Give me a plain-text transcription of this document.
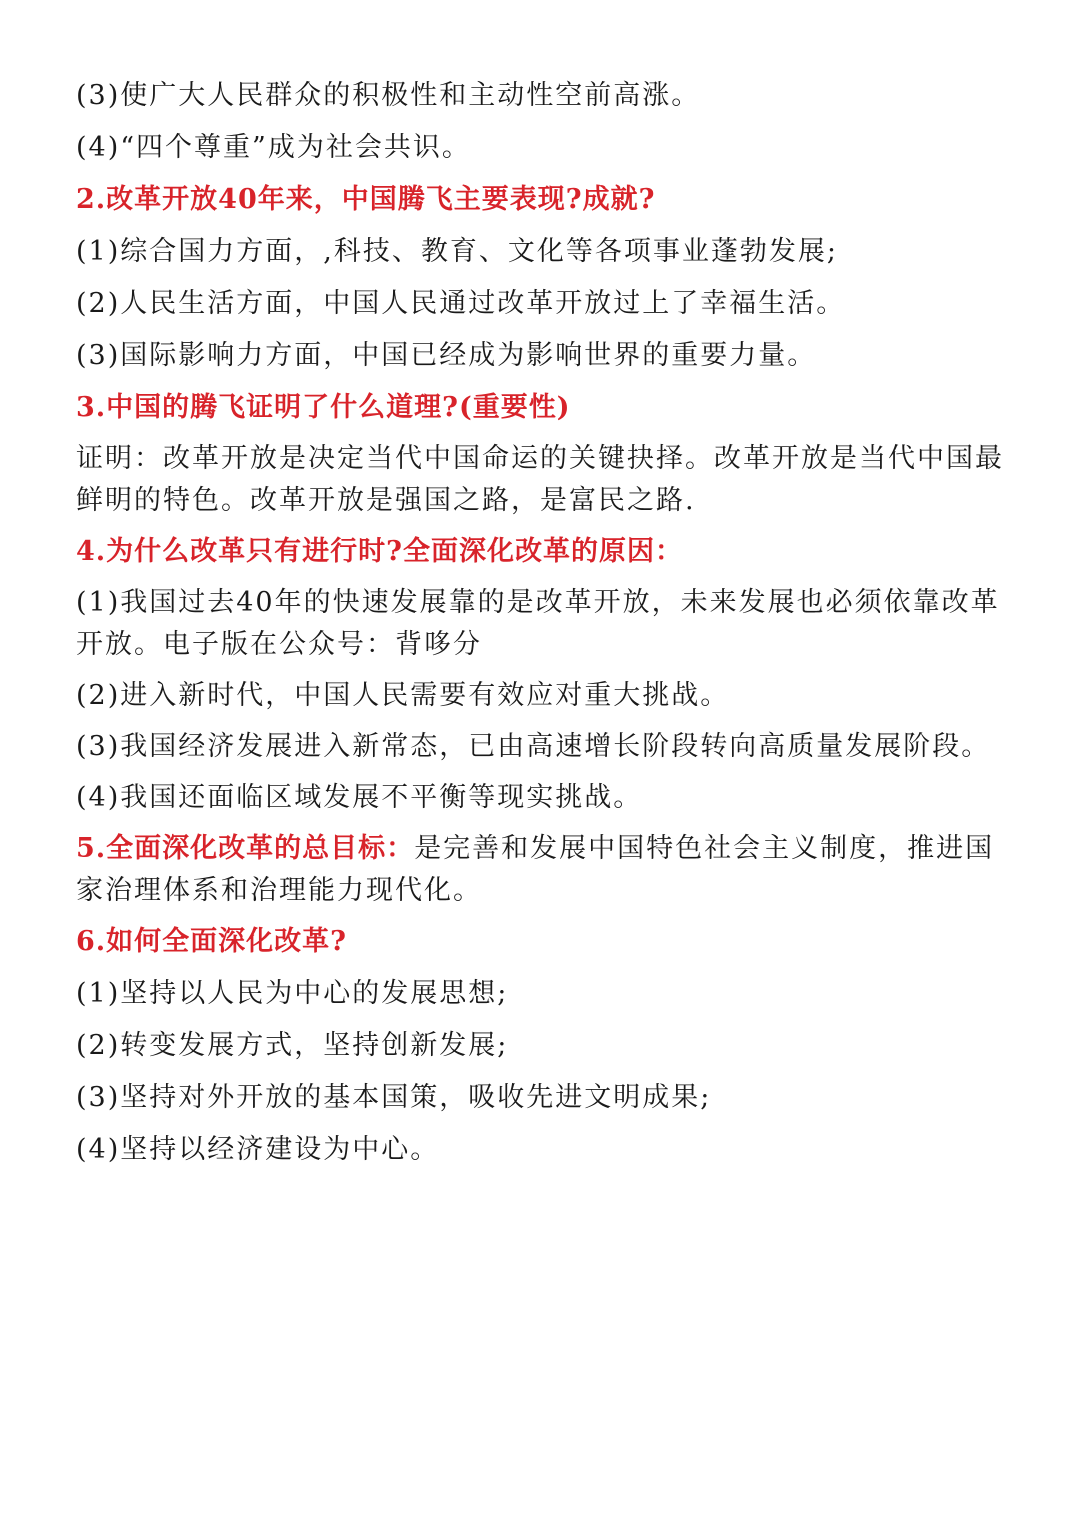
(3)使广大人民群众的积极性和主动性空前高涨。
(4)“四个尊重”成为社会共识。
2.改革开放40年来，中国腾飞主要表现?成就?
(1)综合国力方面，,科技、教育、文化等各项事业蓬勃发展;
(2)人民生活方面，中国人民通过改革开放过上了幸福生活。
(3)国际影响力方面，中国已经成为影响世界的重要力量。
3.中国的腾飞证明了什么道理?(重要性)
证明：改革开放是决定当代中国命运的关键抉择。改革开放是当代中国最鲜明的特色。改革开放是强国之路，是富民之路.
4.为什么改革只有进行时?全面深化改革的原因：
(1)我国过去40年的快速发展靠的是改革开放，未来发展也必须依靠改革开放。电子版在公众号：背哆分
(2)进入新时代，中国人民需要有效应对重大挑战。
(3)我国经济发展进入新常态，已由高速增长阶段转向高质量发展阶段。
(4)我国还面临区域发展不平衡等现实挑战。
5.全面深化改革的总目标：是完善和发展中国特色社会主义制度，推进国家治理体系和治理能力现代化。
6.如何全面深化改革?
(1)坚持以人民为中心的发展思想;
(2)转变发展方式，坚持创新发展;
(3)坚持对外开放的基本国策，吸收先进文明成果;
(4)坚持以经济建设为中心。
